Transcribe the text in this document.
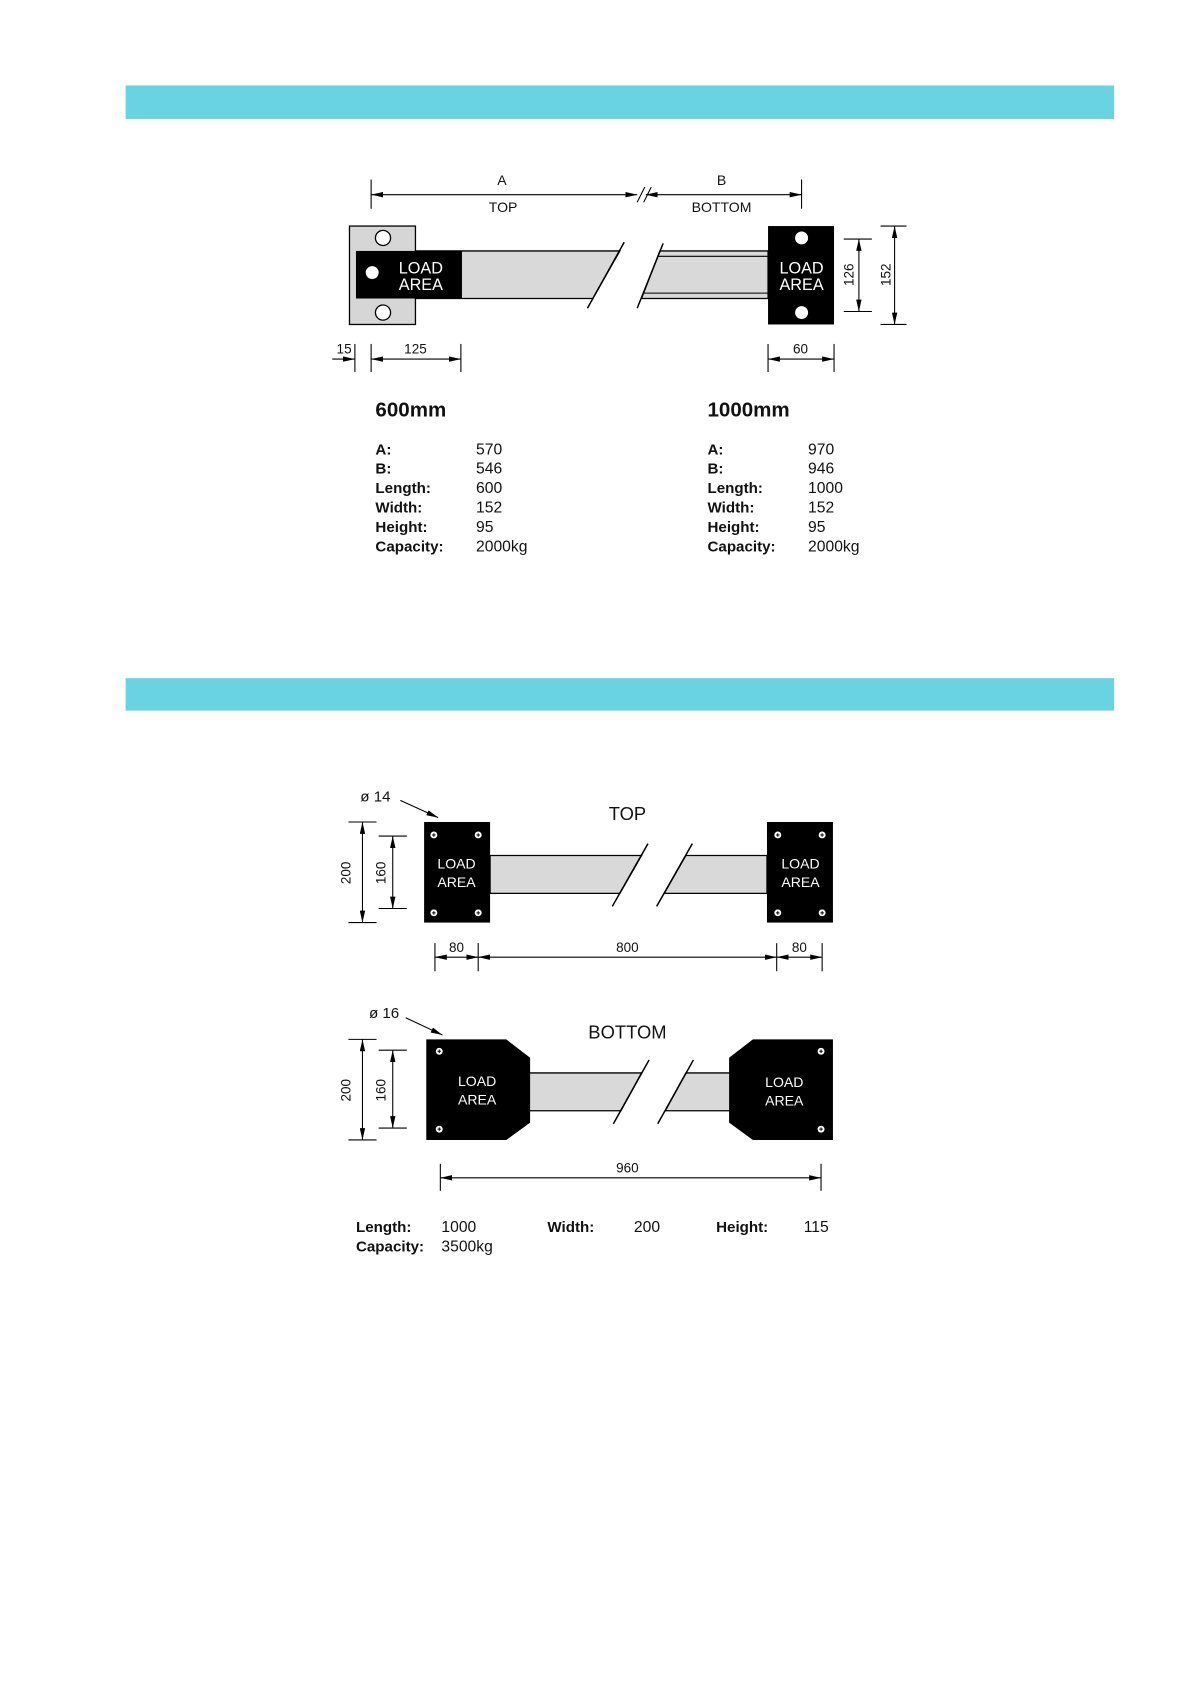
A
TOP
B
BOTTOM
LOAD
AREA
LOAD
AREA 126 152
15	125	60
600mm
A:	570
B:	546
Length:	600
Width:	152
Height:	95
Capacity: 2000kg
1000mm
A:	970
B:	946
Length:	1000
Width:	152
Height:	95
Capacity: 2000kg
ø 14
TOP
200 160	LOAD
AREA
LOAD
AREA
80	800	80
ø 16
BOTTOM
200 160	LOAD
AREA
LOAD
AREA
960
Length: 1000	Width:	200	Height: 115
Capacity: 3500kg
